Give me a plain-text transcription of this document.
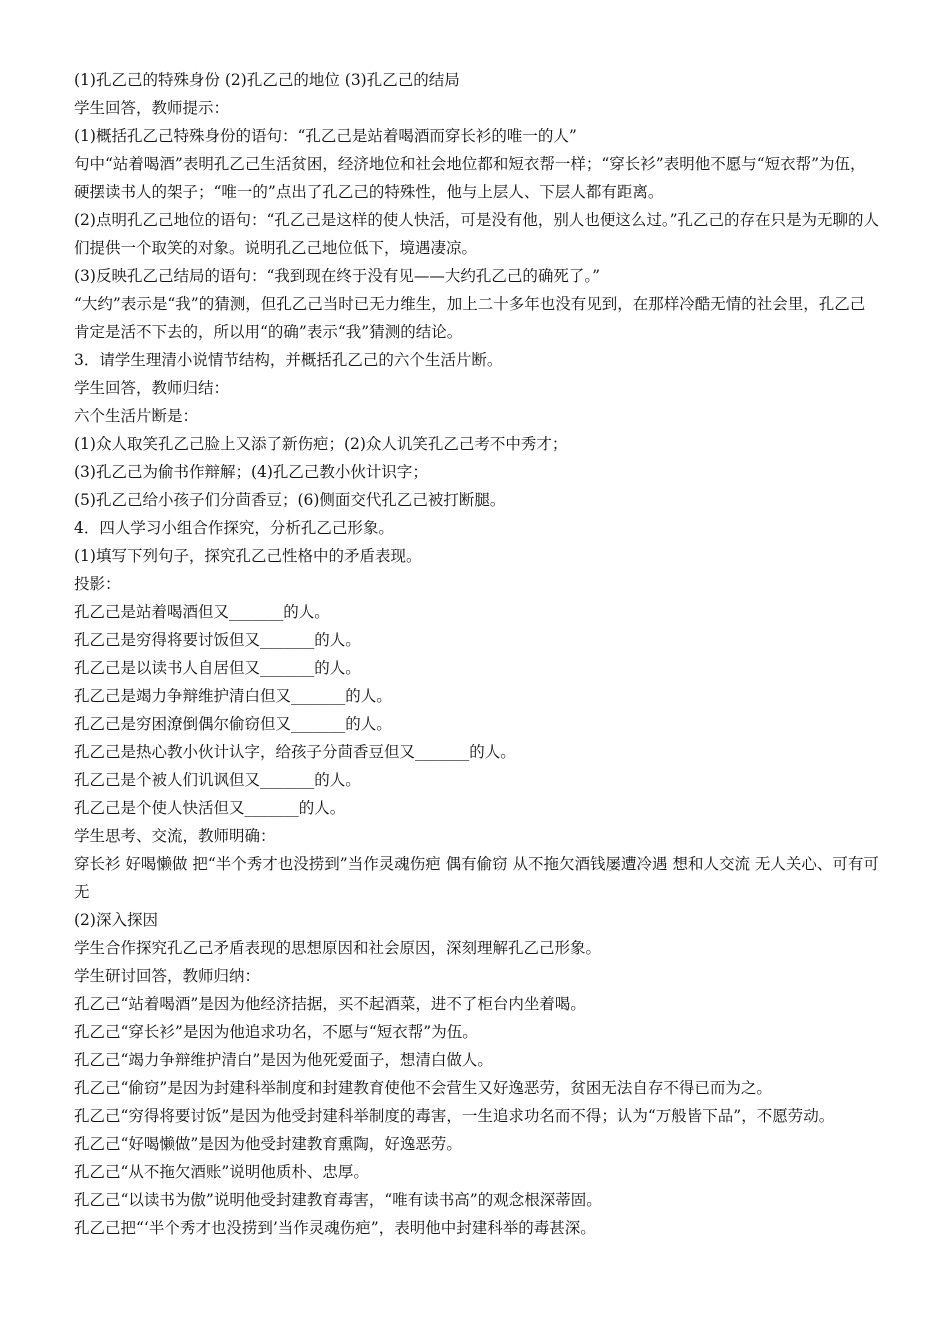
(1)孔乙己的特殊身份 (2)孔乙己的地位 (3)孔乙己的结局

学生回答，教师提示：

(1)概括孔乙己特殊身份的语句：“孔乙己是站着喝酒而穿长衫的唯一的人”

句中“站着喝酒”表明孔乙己生活贫困，经济地位和社会地位都和短衣帮一样；“穿长衫”表明他不愿与“短衣帮”为伍，硬摆读书人的架子；“唯一的”点出了孔乙己的特殊性，他与上层人、下层人都有距离。

(2)点明孔乙己地位的语句：“孔乙己是这样的使人快活，可是没有他，别人也便这么过。”孔乙己的存在只是为无聊的人们提供一个取笑的对象。说明孔乙己地位低下，境遇凄凉。

(3)反映孔乙己结局的语句：“我到现在终于没有见——大约孔乙己的确死了。”

“大约”表示是“我”的猜测，但孔乙己当时已无力维生，加上二十多年也没有见到，在那样冷酷无情的社会里，孔乙己肯定是活不下去的，所以用“的确”表示“我”猜测的结论。

3．请学生理清小说情节结构，并概括孔乙己的六个生活片断。

学生回答，教师归结：

六个生活片断是：

(1)众人取笑孔乙己脸上又添了新伤疤；(2)众人讥笑孔乙己考不中秀才；

(3)孔乙己为偷书作辩解；(4)孔乙己教小伙计识字；

(5)孔乙己给小孩子们分茴香豆；(6)侧面交代孔乙己被打断腿。

4．四人学习小组合作探究，分析孔乙己形象。

(1)填写下列句子，探究孔乙己性格中的矛盾表现。

投影：

孔乙己是站着喝酒但又_______的人。

孔乙己是穷得将要讨饭但又_______的人。

孔乙己是以读书人自居但又_______的人。

孔乙己是竭力争辩维护清白但又_______的人。

孔乙己是穷困潦倒偶尔偷窃但又_______的人。

孔乙己是热心教小伙计认字，给孩子分茴香豆但又_______的人。

孔乙己是个被人们讥讽但又_______的人。

孔乙己是个使人快活但又_______的人。

学生思考、交流，教师明确：

穿长衫 好喝懒做 把“半个秀才也没捞到”当作灵魂伤疤 偶有偷窃 从不拖欠酒钱屡遭冷遇 想和人交流 无人关心、可有可无

(2)深入探因

学生合作探究孔乙己矛盾表现的思想原因和社会原因，深刻理解孔乙己形象。

学生研讨回答，教师归纳：

孔乙己“站着喝酒”是因为他经济拮据，买不起酒菜，进不了柜台内坐着喝。

孔乙己“穿长衫”是因为他追求功名，不愿与“短衣帮”为伍。

孔乙己“竭力争辩维护清白”是因为他死爱面子，想清白做人。

孔乙己“偷窃”是因为封建科举制度和封建教育使他不会营生又好逸恶劳，贫困无法自存不得已而为之。

孔乙己“穷得将要讨饭”是因为他受封建科举制度的毒害，一生追求功名而不得；认为“万般皆下品”，不愿劳动。

孔乙己“好喝懒做”是因为他受封建教育熏陶，好逸恶劳。

孔乙己“从不拖欠酒账”说明他质朴、忠厚。

孔乙己“以读书为傲”说明他受封建教育毒害，“唯有读书高”的观念根深蒂固。

孔乙己把“‘半个秀才也没捞到’当作灵魂伤疤”，表明他中封建科举的毒甚深。
